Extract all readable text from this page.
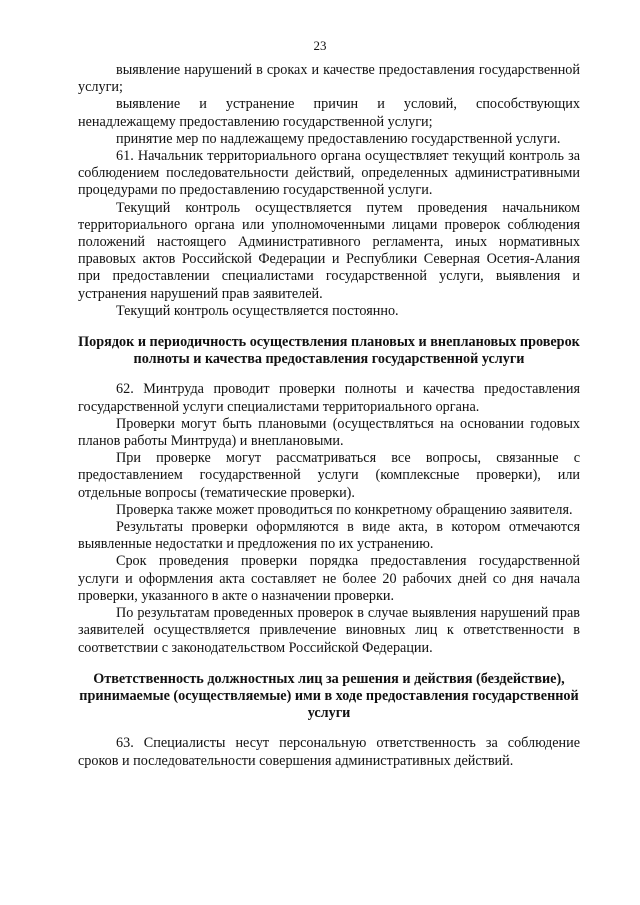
23

выявление нарушений в сроках и качестве предоставления государственной услуги;

выявление и устранение причин и условий, способствующих ненадлежащему предоставлению государственной услуги;

принятие мер по надлежащему предоставлению государственной услуги.

61. Начальник территориального органа осуществляет текущий контроль за соблюдением последовательности действий, определенных административными процедурами по предоставлению государственной услуги.

Текущий контроль осуществляется путем проведения начальником территориального органа или уполномоченными лицами проверок соблюдения положений настоящего Административного регламента, иных нормативных правовых актов Российской Федерации и Республики Северная Осетия-Алания при предоставлении специалистами государственной услуги, выявления и устранения нарушений прав заявителей.

Текущий контроль осуществляется постоянно.

Порядок и периодичность осуществления плановых и внеплановых проверок полноты и качества предоставления государственной услуги

62. Минтруда проводит проверки полноты и качества предоставления государственной услуги специалистами территориального органа.

Проверки могут быть плановыми (осуществляться на основании годовых планов работы Минтруда) и внеплановыми.

При проверке могут рассматриваться все вопросы, связанные с предоставлением государственной услуги (комплексные проверки), или отдельные вопросы (тематические проверки).

Проверка также может проводиться по конкретному обращению заявителя.

Результаты проверки оформляются в виде акта, в котором отмечаются выявленные недостатки и предложения по их устранению.

Срок проведения проверки порядка предоставления государственной услуги и оформления акта составляет не более 20 рабочих дней со дня начала проверки, указанного в акте о назначении проверки.

По результатам проведенных проверок в случае выявления нарушений прав заявителей осуществляется привлечение виновных лиц к ответственности в соответствии с законодательством Российской Федерации.

Ответственность должностных лиц за решения и действия (бездействие), принимаемые (осуществляемые) ими в ходе предоставления государственной услуги

63. Специалисты несут персональную ответственность за соблюдение сроков и последовательности совершения административных действий.
